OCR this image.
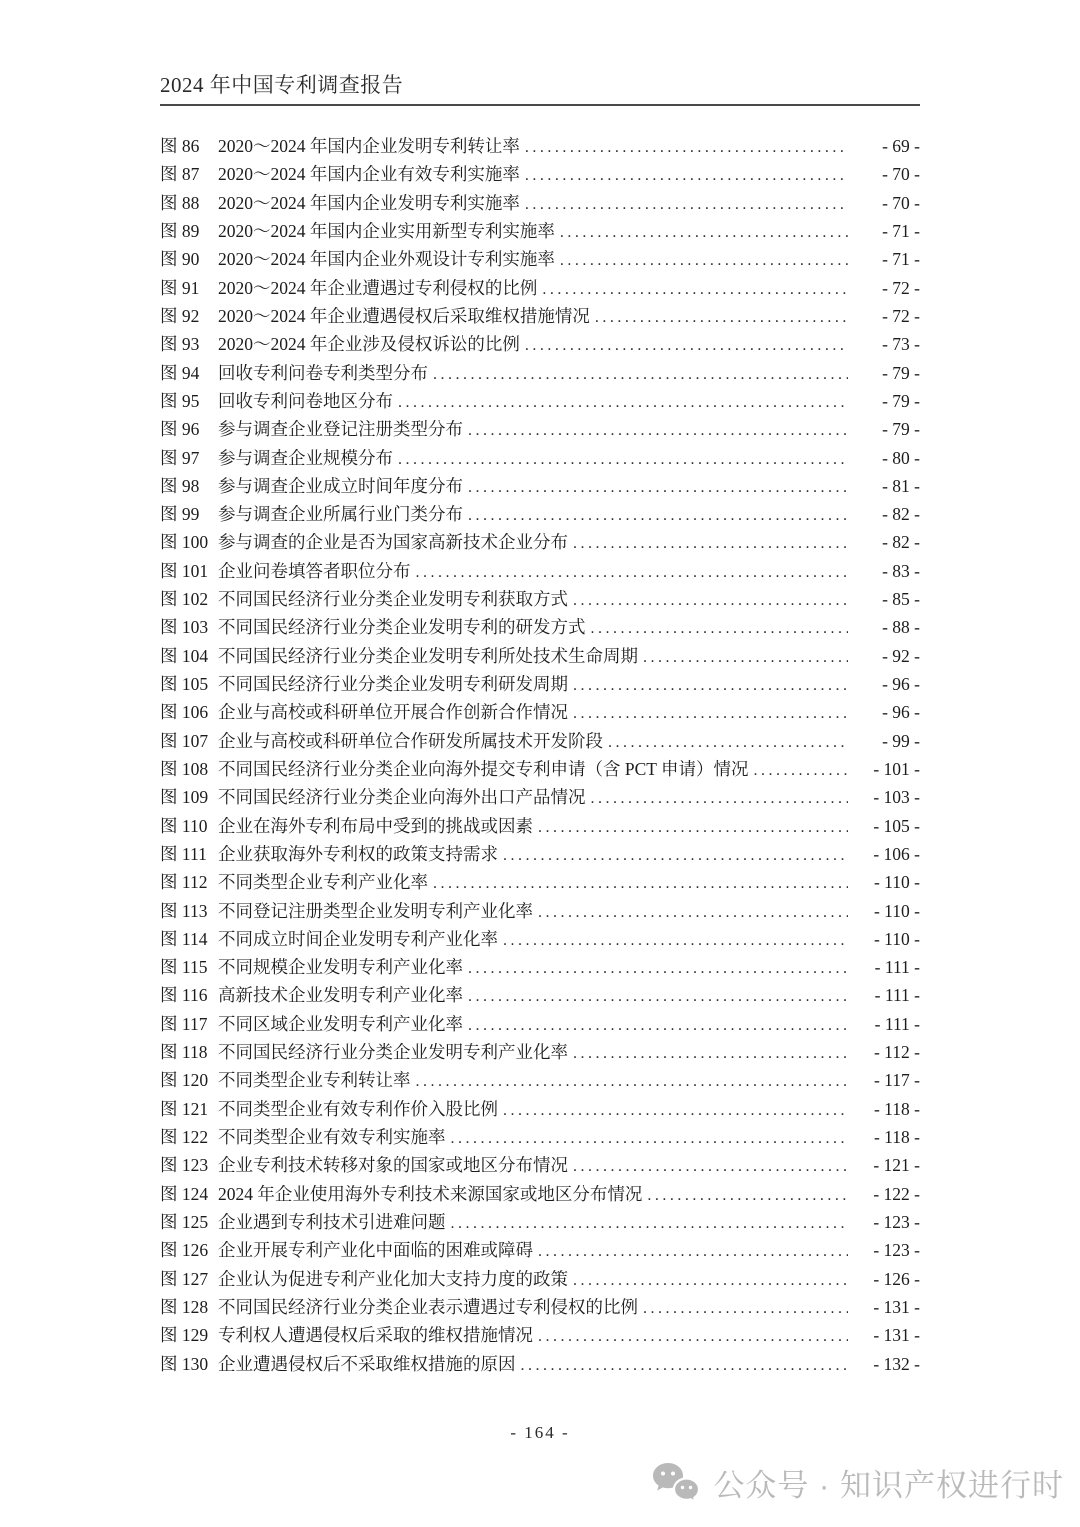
2024 年中国专利调查报告
图 86	2020～2024 年国内企业发明专利转让率 .....	- 69 -
图 87	2020～2024 年国内企业有效专利实施率 .....	- 70 -
图 88	2020～2024 年国内企业发明专利实施率 .....	- 70 -
图 89	2020～2024 年国内企业实用新型专利实施率 .....	- 71 -
图 90	2020～2024 年国内企业外观设计专利实施率 .....	- 71 -
图 91	2020～2024 年企业遭遇过专利侵权的比例 .....	- 72 -
图 92	2020～2024 年企业遭遇侵权后采取维权措施情况 .....	- 72 -
图 93	2020～2024 年企业涉及侵权诉讼的比例 .....	- 73 -
图 94	回收专利问卷专利类型分布 .....	- 79 -
图 95	回收专利问卷地区分布 .....	- 79 -
图 96	参与调查企业登记注册类型分布 .....	- 79 -
图 97	参与调查企业规模分布 .....	- 80 -
图 98	参与调查企业成立时间年度分布 .....	- 81 -
图 99	参与调查企业所属行业门类分布 .....	- 82 -
图 100 参与调查的企业是否为国家高新技术企业分布 .....	- 82 -
图 101 企业问卷填答者职位分布 .....	- 83 -
图 102 不同国民经济行业分类企业发明专利获取方式 .....	- 85 -
图 103 不同国民经济行业分类企业发明专利的研发方式 .....	- 88 -
图 104 不同国民经济行业分类企业发明专利所处技术生命周期 .....	- 92 -
图 105 不同国民经济行业分类企业发明专利研发周期 .....	- 96 -
图 106 企业与高校或科研单位开展合作创新合作情况 .....	- 96 -
图 107 企业与高校或科研单位合作研发所属技术开发阶段 .....	- 99 -
图 108 不同国民经济行业分类企业向海外提交专利申请（含 PCT 申请）情况 .....	- 101 -
图 109 不同国民经济行业分类企业向海外出口产品情况 .....	- 103 -
图 110 企业在海外专利布局中受到的挑战或因素 .....	- 105 -
图 111 企业获取海外专利权的政策支持需求 .....	- 106 -
图 112 不同类型企业专利产业化率 .....	- 110 -
图 113 不同登记注册类型企业发明专利产业化率 .....	- 110 -
图 114 不同成立时间企业发明专利产业化率 .....	- 110 -
图 115 不同规模企业发明专利产业化率 .....	- 111 -
图 116 高新技术企业发明专利产业化率 .....	- 111 -
图 117 不同区域企业发明专利产业化率 .....	- 111 -
图 118 不同国民经济行业分类企业发明专利产业化率 .....	- 112 -
图 120 不同类型企业专利转让率 .....	- 117 -
图 121 不同类型企业有效专利作价入股比例 .....	- 118 -
图 122 不同类型企业有效专利实施率 .....	- 118 -
图 123 企业专利技术转移对象的国家或地区分布情况 .....	- 121 -
图 124 2024 年企业使用海外专利技术来源国家或地区分布情况 .....	- 122 -
图 125 企业遇到专利技术引进难问题 .....	- 123 -
图 126 企业开展专利产业化中面临的困难或障碍 .....	- 123 -
图 127 企业认为促进专利产业化加大支持力度的政策 .....	- 126 -
图 128 不同国民经济行业分类企业表示遭遇过专利侵权的比例 .....	- 131 -
图 129 专利权人遭遇侵权后采取的维权措施情况 .....	- 131 -
图 130 企业遭遇侵权后不采取维权措施的原因 .....	- 132 -
- 164 -
公众号 · 知识产权进行时
